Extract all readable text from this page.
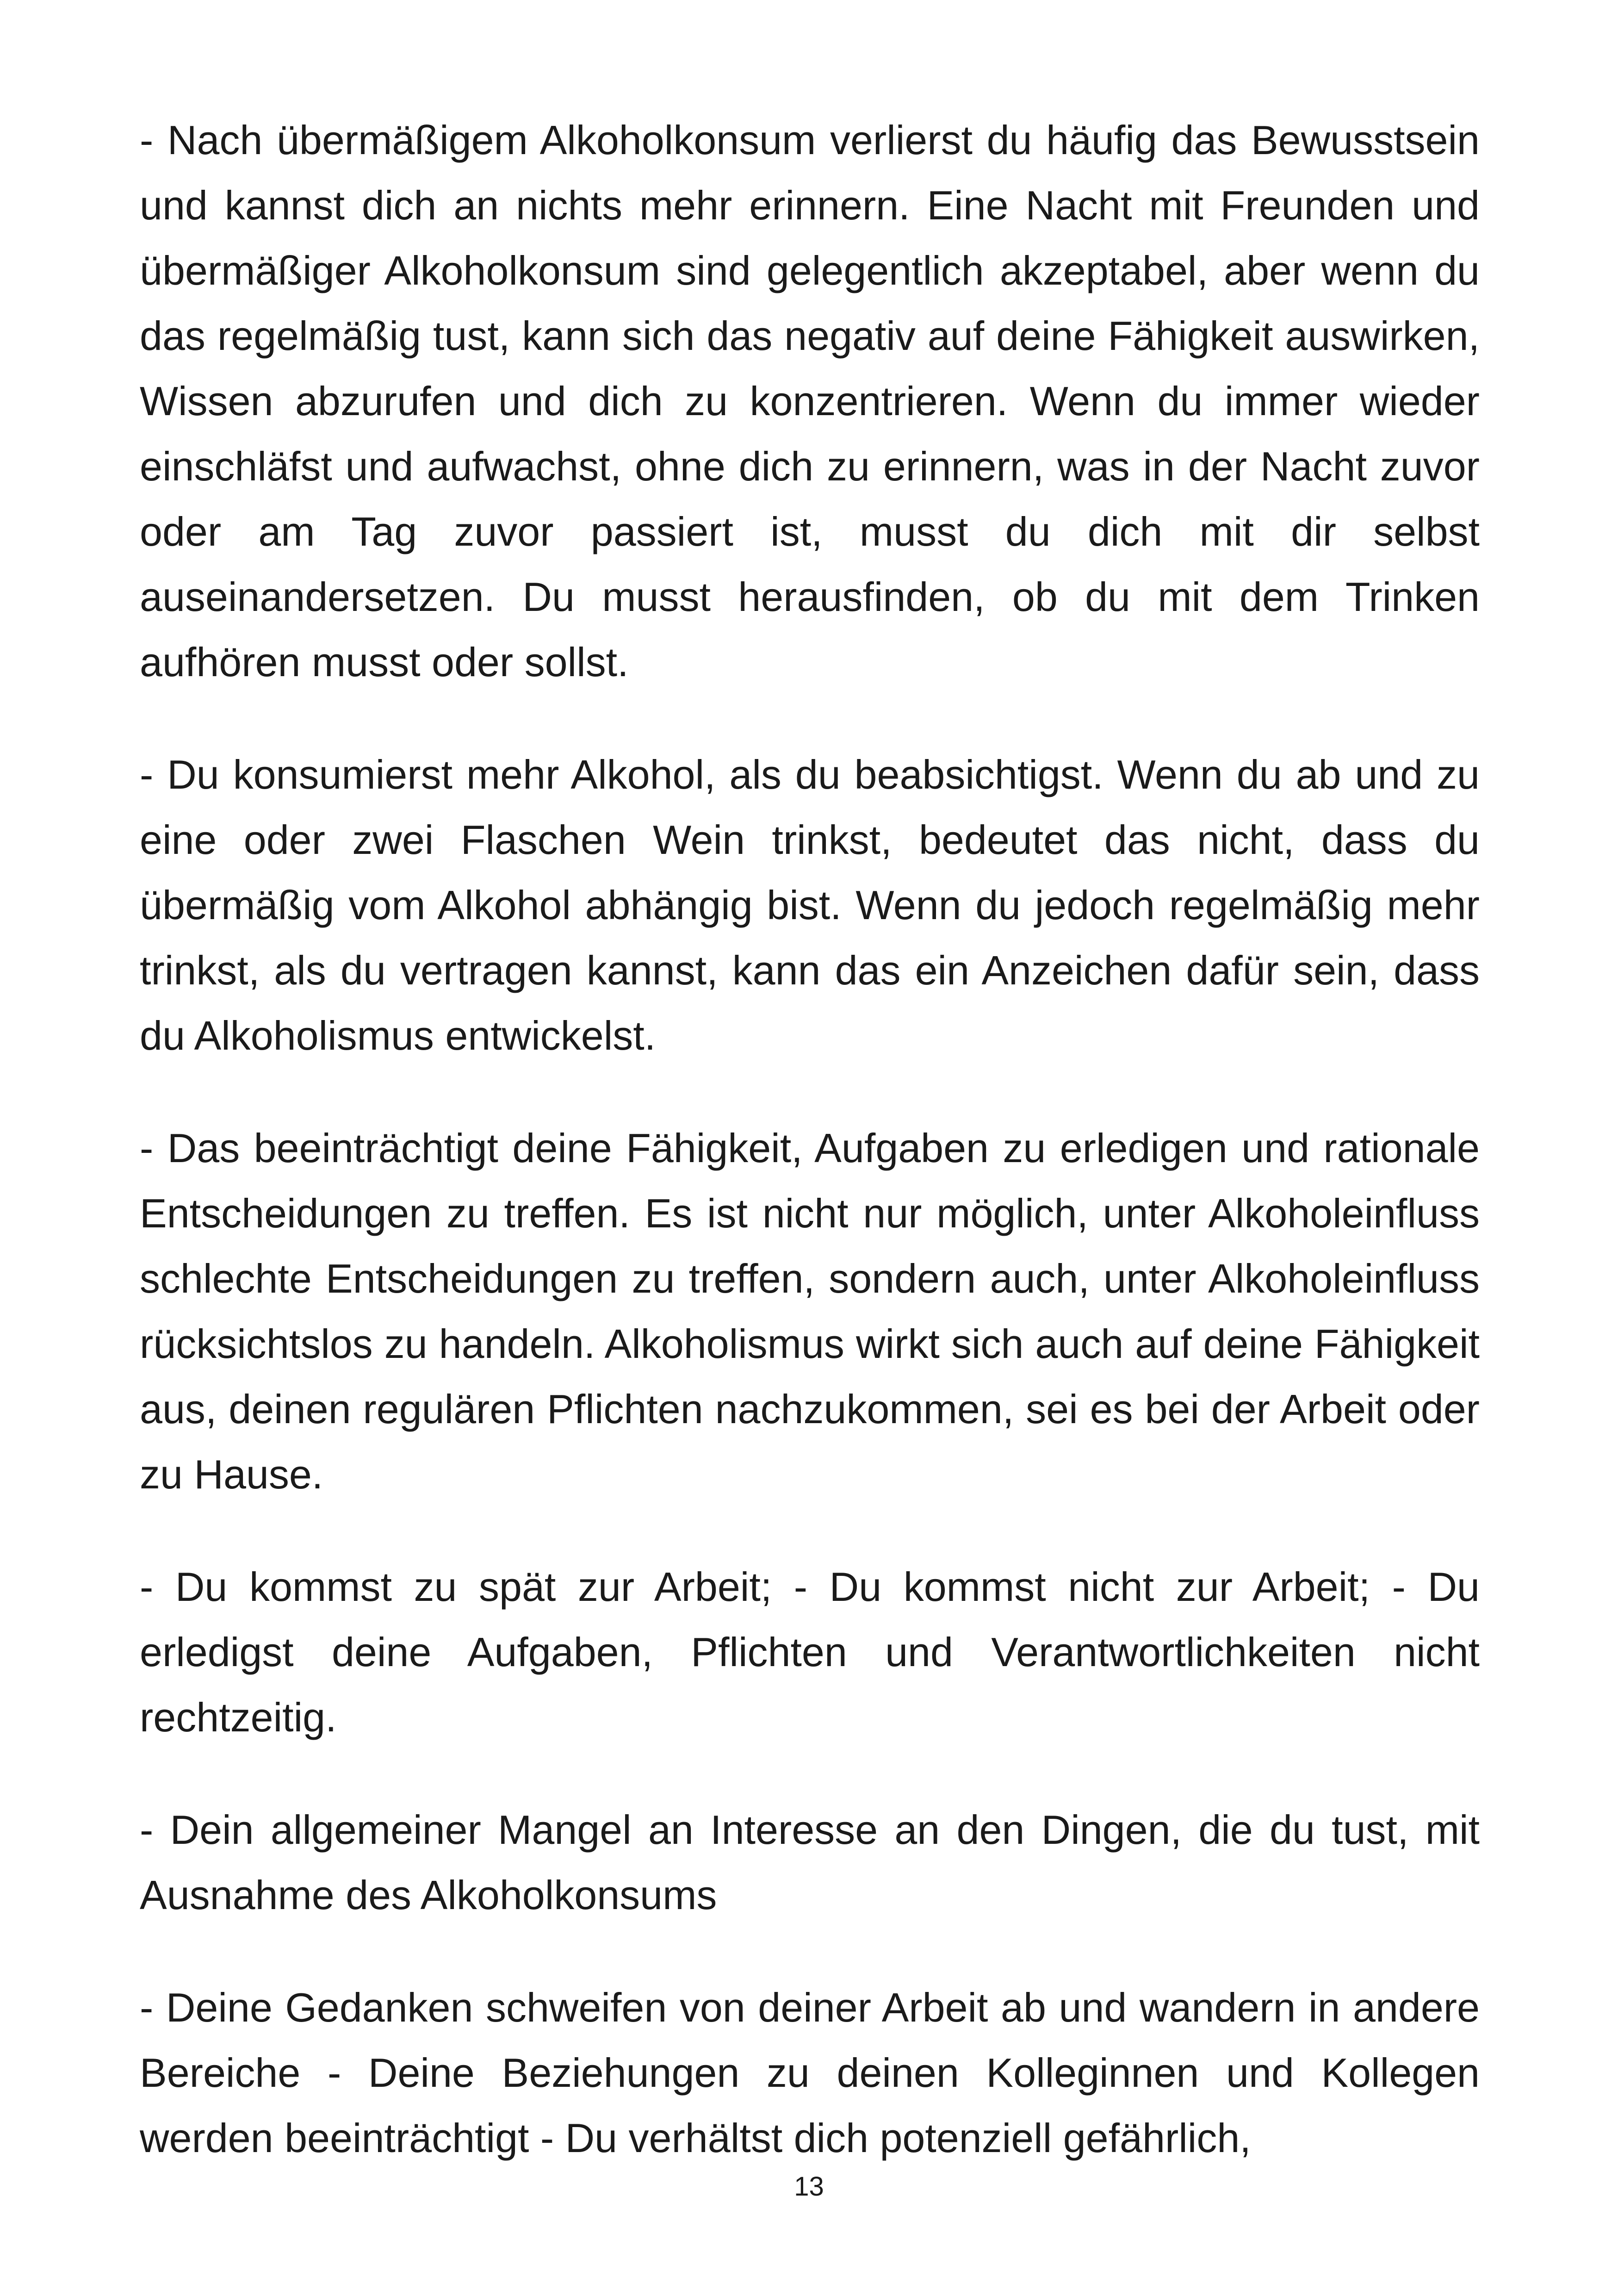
- Nach übermäßigem Alkoholkonsum verlierst du häufig das Bewusstsein und kannst dich an nichts mehr erinnern. Eine Nacht mit Freunden und übermäßiger Alkoholkonsum sind gelegentlich akzeptabel, aber wenn du das regelmäßig tust, kann sich das negativ auf deine Fähigkeit auswirken, Wissen abzurufen und dich zu konzentrieren. Wenn du immer wieder einschläfst und aufwachst, ohne dich zu erinnern, was in der Nacht zuvor oder am Tag zuvor passiert ist, musst du dich mit dir selbst auseinandersetzen. Du musst herausfinden, ob du mit dem Trinken aufhören musst oder sollst.

- Du konsumierst mehr Alkohol, als du beabsichtigst. Wenn du ab und zu eine oder zwei Flaschen Wein trinkst, bedeutet das nicht, dass du übermäßig vom Alkohol abhängig bist. Wenn du jedoch regelmäßig mehr trinkst, als du vertragen kannst, kann das ein Anzeichen dafür sein, dass du Alkoholismus entwickelst.

- Das beeinträchtigt deine Fähigkeit, Aufgaben zu erledigen und rationale Entscheidungen zu treffen. Es ist nicht nur möglich, unter Alkoholeinfluss schlechte Entscheidungen zu treffen, sondern auch, unter Alkoholeinfluss rücksichtslos zu handeln. Alkoholismus wirkt sich auch auf deine Fähigkeit aus, deinen regulären Pflichten nachzukommen, sei es bei der Arbeit oder zu Hause.

- Du kommst zu spät zur Arbeit; - Du kommst nicht zur Arbeit; - Du erledigst deine Aufgaben, Pflichten und Verantwortlichkeiten nicht rechtzeitig.

- Dein allgemeiner Mangel an Interesse an den Dingen, die du tust, mit Ausnahme des Alkoholkonsums

- Deine Gedanken schweifen von deiner Arbeit ab und wandern in andere Bereiche - Deine Beziehungen zu deinen Kolleginnen und Kollegen werden beeinträchtigt - Du verhältst dich potenziell gefährlich,

13
